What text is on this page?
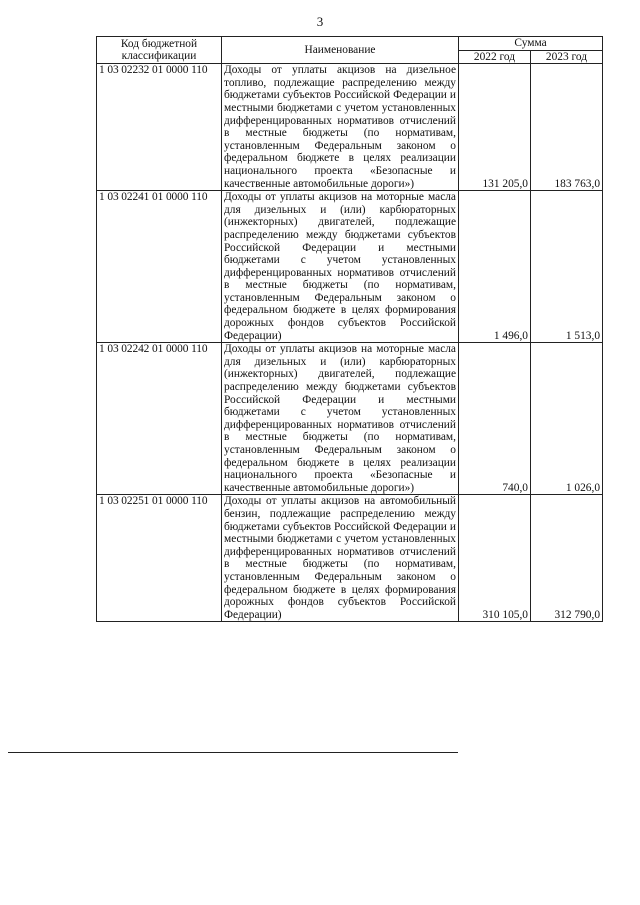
3
Код бюджетной классификации	Наименование	Сумма	
		2022 год	2023 год
1 03 02232 01 0000 110	Доходы от уплаты акцизов на дизельное топливо, подлежащие распределению между бюджетами субъектов Российской Федерации и местными бюджетами с учетом установленных дифференцированных нормативов отчислений в местные бюджеты (по нормативам, установленным Федеральным законом о федеральном бюджете в целях реализации национального проекта «Безопасные и качественные автомобильные дороги»)	131 205,0	183 763,0
1 03 02241 01 0000 110	Доходы от уплаты акцизов на моторные масла для дизельных и (или) карбюраторных (инжекторных) двигателей, подлежащие распределению между бюджетами субъектов Российской Федерации и местными бюджетами с учетом установленных дифференцированных нормативов отчислений в местные бюджеты (по нормативам, установленным Федеральным законом о федеральном бюджете в целях формирования дорожных фондов субъектов Российской Федерации)	1 496,0	1 513,0
1 03 02242 01 0000 110	Доходы от уплаты акцизов на моторные масла для дизельных и (или) карбюраторных (инжекторных) двигателей, подлежащие распределению между бюджетами субъектов Российской Федерации и местными бюджетами с учетом установленных дифференцированных нормативов отчислений в местные бюджеты (по нормативам, установленным Федеральным законом о федеральном бюджете в целях реализации национального проекта «Безопасные и качественные автомобильные дороги»)	740,0	1 026,0
1 03 02251 01 0000 110	Доходы от уплаты акцизов на автомобильный бензин, подлежащие распределению между бюджетами субъектов Российской Федерации и местными бюджетами с учетом установленных дифференцированных нормативов отчислений в местные бюджеты (по нормативам, установленным Федеральным законом о федеральном бюджете в целях формирования дорожных фондов субъектов Российской Федерации)	310 105,0	312 790,0
